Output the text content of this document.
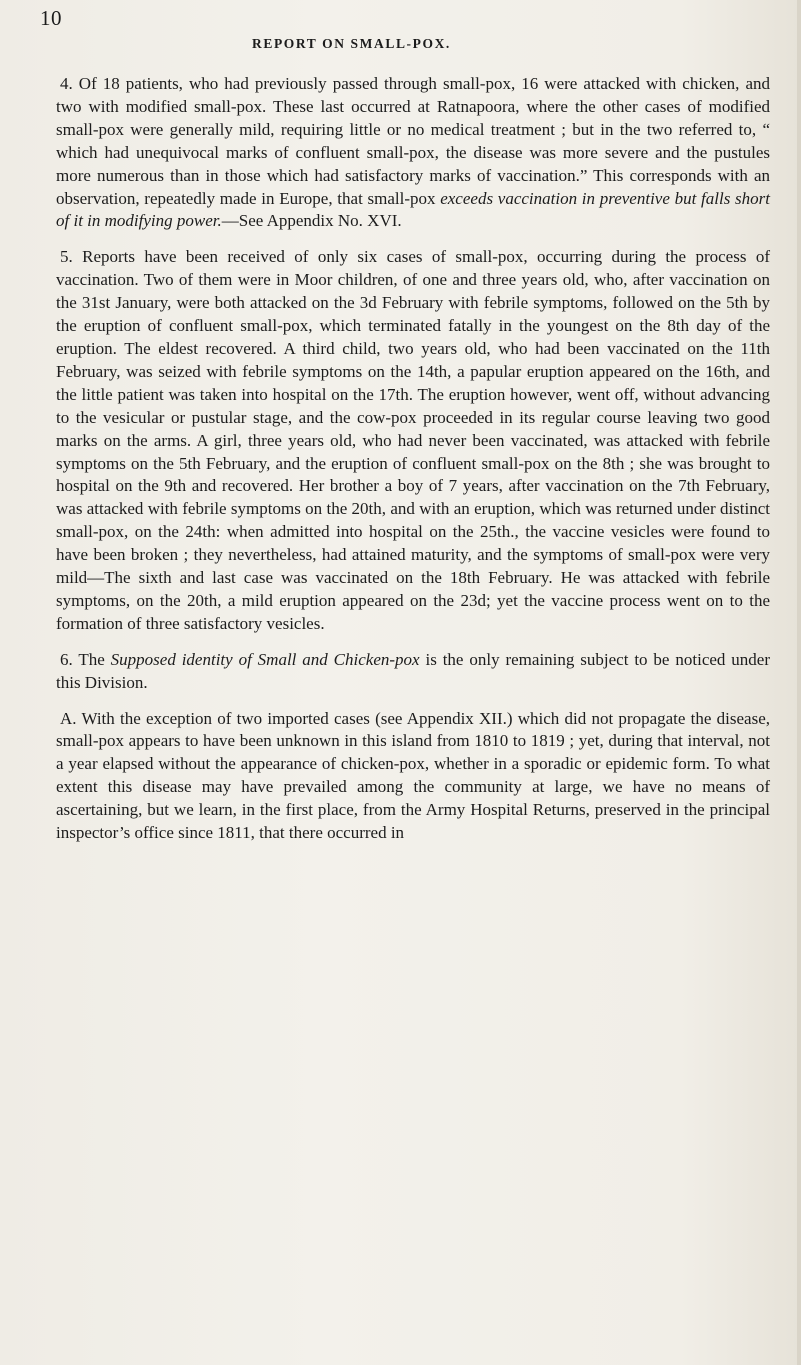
10
REPORT ON SMALL-POX.

4. Of 18 patients, who had previously passed through small-pox, 16 were attacked with chicken, and two with modified small-pox. These last occurred at Ratnapoora, where the other cases of modified small-pox were generally mild, requiring little or no medical treatment ; but in the two referred to, “ which had unequivocal marks of confluent small-pox, the disease was more severe and the pustules more numerous than in those which had satisfactory marks of vaccination.” This corresponds with an observation, repeatedly made in Europe, that small-pox exceeds vaccination in preventive but falls short of it in modifying power.—See Appendix No. XVI.

5. Reports have been received of only six cases of small-pox, occurring during the process of vaccination. Two of them were in Moor children, of one and three years old, who, after vaccination on the 31st January, were both attacked on the 3d February with febrile symptoms, followed on the 5th by the eruption of confluent small-pox, which terminated fatally in the youngest on the 8th day of the eruption. The eldest recovered. A third child, two years old, who had been vaccinated on the 11th February, was seized with febrile symptoms on the 14th, a papular eruption appeared on the 16th, and the little patient was taken into hospital on the 17th. The eruption however, went off, without advancing to the vesicular or pustular stage, and the cow-pox proceeded in its regular course leaving two good marks on the arms. A girl, three years old, who had never been vaccinated, was attacked with febrile symptoms on the 5th February, and the eruption of confluent small-pox on the 8th ; she was brought to hospital on the 9th and recovered. Her brother a boy of 7 years, after vaccination on the 7th February, was attacked with febrile symptoms on the 20th, and with an eruption, which was returned under distinct small-pox, on the 24th: when admitted into hospital on the 25th., the vaccine vesicles were found to have been broken ; they nevertheless, had attained maturity, and the symptoms of small-pox were very mild—The sixth and last case was vaccinated on the 18th February. He was attacked with febrile symptoms, on the 20th, a mild eruption appeared on the 23d; yet the vaccine process went on to the formation of three satisfactory vesicles.

6. The Supposed identity of Small and Chicken-pox is the only remaining subject to be noticed under this Division.

A. With the exception of two imported cases (see Appendix XII.) which did not propagate the disease, small-pox appears to have been unknown in this island from 1810 to 1819 ; yet, during that interval, not a year elapsed without the appearance of chicken-pox, whether in a sporadic or epidemic form. To what extent this disease may have prevailed among the community at large, we have no means of ascertaining, but we learn, in the first place, from the Army Hospital Returns, preserved in the principal inspector’s office since 1811, that there occurred in
